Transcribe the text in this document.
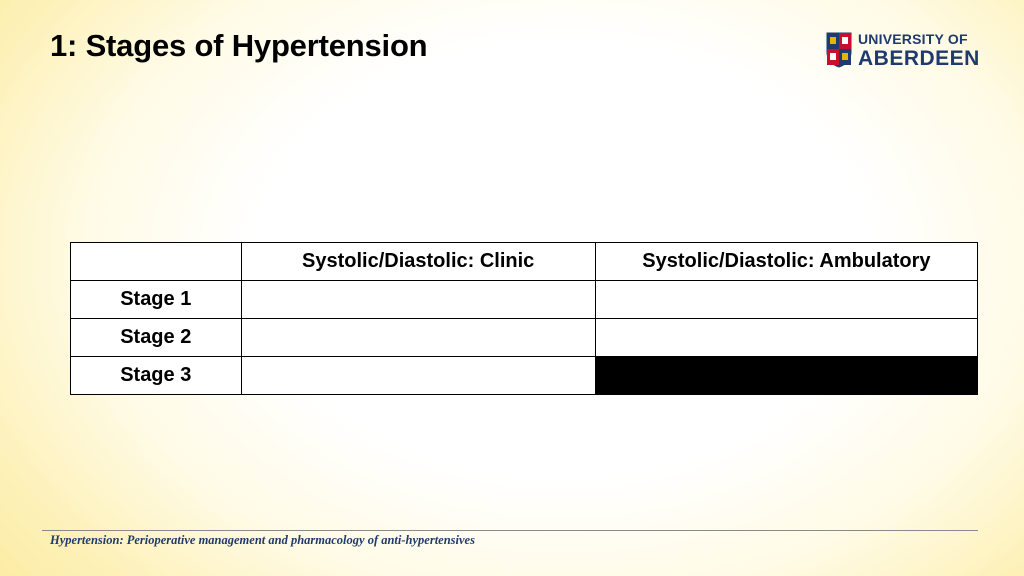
1: Stages of Hypertension	UNIVERSITY OF
ABERDEEN
	Systolic/Diastolic: Clinic	Systolic/Diastolic: Ambulatory
Stage 1		
Stage 2		
Stage 3		
Hypertension: Perioperative management and pharmacology of anti-hypertensives
